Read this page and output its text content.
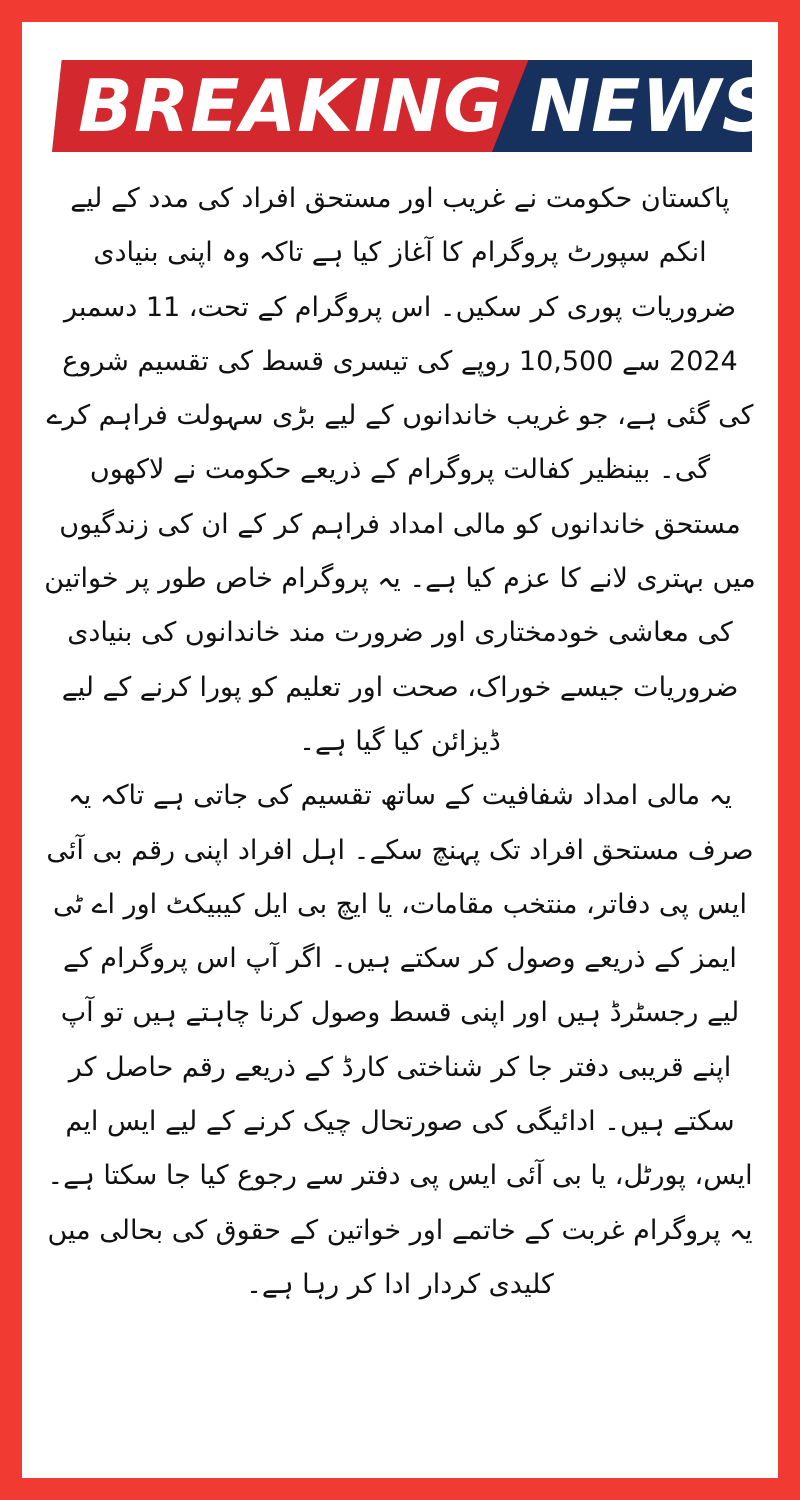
BREAKING NEWS

پاکستان حکومت نے غریب اور مستحق افراد کی مدد کے لیے انکم سپورٹ پروگرام کا آغاز کیا ہے تاکہ وہ اپنی بنیادی ضروریات پوری کر سکیں۔ اس پروگرام کے تحت، 11 دسمبر 2024 سے 10,500 روپے کی تیسری قسط کی تقسیم شروع کی گئی ہے، جو غریب خاندانوں کے لیے بڑی سہولت فراہم کرے گی۔ بینظیر کفالت پروگرام کے ذریعے حکومت نے لاکھوں مستحق خاندانوں کو مالی امداد فراہم کر کے ان کی زندگیوں میں بہتری لانے کا عزم کیا ہے۔ یہ پروگرام خاص طور پر خواتین کی معاشی خودمختاری اور ضرورت مند خاندانوں کی بنیادی ضروریات جیسے خوراک، صحت اور تعلیم کو پورا کرنے کے لیے ڈیزائن کیا گیا ہے۔

یہ مالی امداد شفافیت کے ساتھ تقسیم کی جاتی ہے تاکہ یہ صرف مستحق افراد تک پہنچ سکے۔ اہل افراد اپنی رقم بی آئی ایس پی دفاتر، منتخب مقامات، یا ایچ بی ایل کیبیکٹ اور اے ٹی ایمز کے ذریعے وصول کر سکتے ہیں۔ اگر آپ اس پروگرام کے لیے رجسٹرڈ ہیں اور اپنی قسط وصول کرنا چاہتے ہیں تو آپ اپنے قریبی دفتر جا کر شناختی کارڈ کے ذریعے رقم حاصل کر سکتے ہیں۔ ادائیگی کی صورتحال چیک کرنے کے لیے ایس ایم ایس، پورٹل، یا بی آئی ایس پی دفتر سے رجوع کیا جا سکتا ہے۔ یہ پروگرام غربت کے خاتمے اور خواتین کے حقوق کی بحالی میں کلیدی کردار ادا کر رہا ہے۔
